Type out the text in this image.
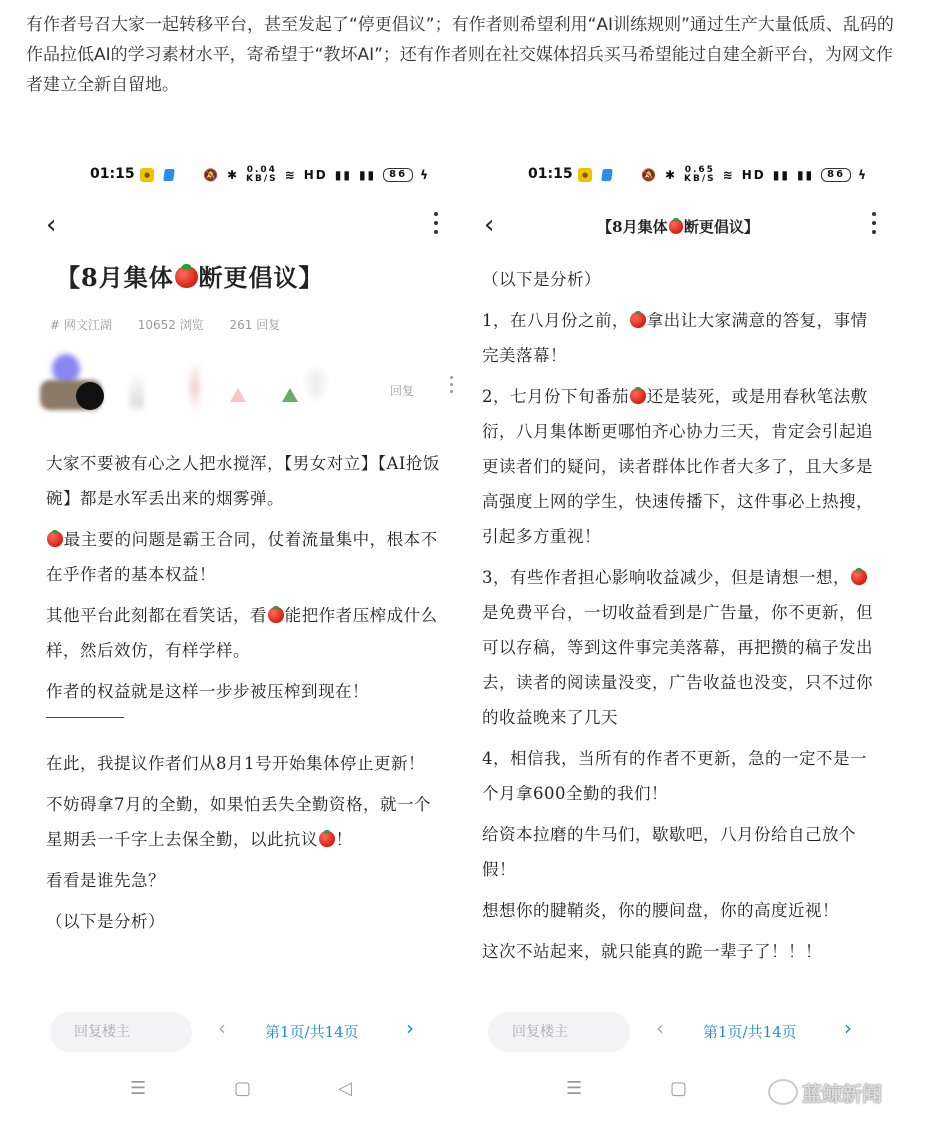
有作者号召大家一起转移平台，甚至发起了“停更倡议”；有作者则希望利用“AI训练规则”通过生产大量低质、乱码的作品拉低AI的学习素材水平，寄希望于“教坏AI”；还有作者则在社交媒体招兵买马希望能过自建全新平台，为网文作者建立全新自留地。
01:15	●	🔕 ✱ 0.04
KB/S ≋ HD ▮▮ ▮▮	86	ϟ
‹
【8月集体 断更倡议】
# 网文江湖 10652 浏览 261 回复
回复

大家不要被有心之人把水搅浑，【男女对立】【AI抢饭碗】都是水军丢出来的烟雾弹。

最主要的问题是霸王合同，仗着流量集中，根本不在乎作者的基本权益！

其他平台此刻都在看笑话，看 能把作者压榨成什么样，然后效仿，有样学样。

作者的权益就是这样一步步被压榨到现在！

在此，我提议作者们从8月1号开始集体停止更新！

不妨碍拿7月的全勤，如果怕丢失全勤资格，就一个星期丢一千字上去保全勤，以此抗议 ！

看看是谁先急？

（以下是分析）

回复楼主	‹	第1页/共14页 ›
☰	▢	◁
01:15	●	🔕 ✱ 0.65
KB/S ≋ HD ▮▮ ▮▮	86	ϟ
‹	【8月集体 断更倡议】

（以下是分析）

1，在八月份之前， 拿出让大家满意的答复，事情完美落幕！

2，七月份下旬番茄 还是装死，或是用春秋笔法敷衍，八月集体断更哪怕齐心协力三天，肯定会引起追更读者们的疑问，读者群体比作者大多了，且大多是高强度上网的学生，快速传播下，这件事必上热搜，引起多方重视！

3，有些作者担心影响收益减少，但是请想一想，是免费平台，一切收益看到是广告量，你不更新，但可以存稿，等到这件事完美落幕，再把攒的稿子发出去，读者的阅读量没变，广告收益也没变，只不过你的收益晚来了几天

4，相信我，当所有的作者不更新，急的一定不是一个月拿600全勤的我们！

给资本拉磨的牛马们，歇歇吧，八月份给自己放个假！

想想你的腱鞘炎，你的腰间盘，你的高度近视！

这次不站起来，就只能真的跪一辈子了！！！

回复楼主	‹	第1页/共14页 ›
☰	▢	蓝鲸新闻
